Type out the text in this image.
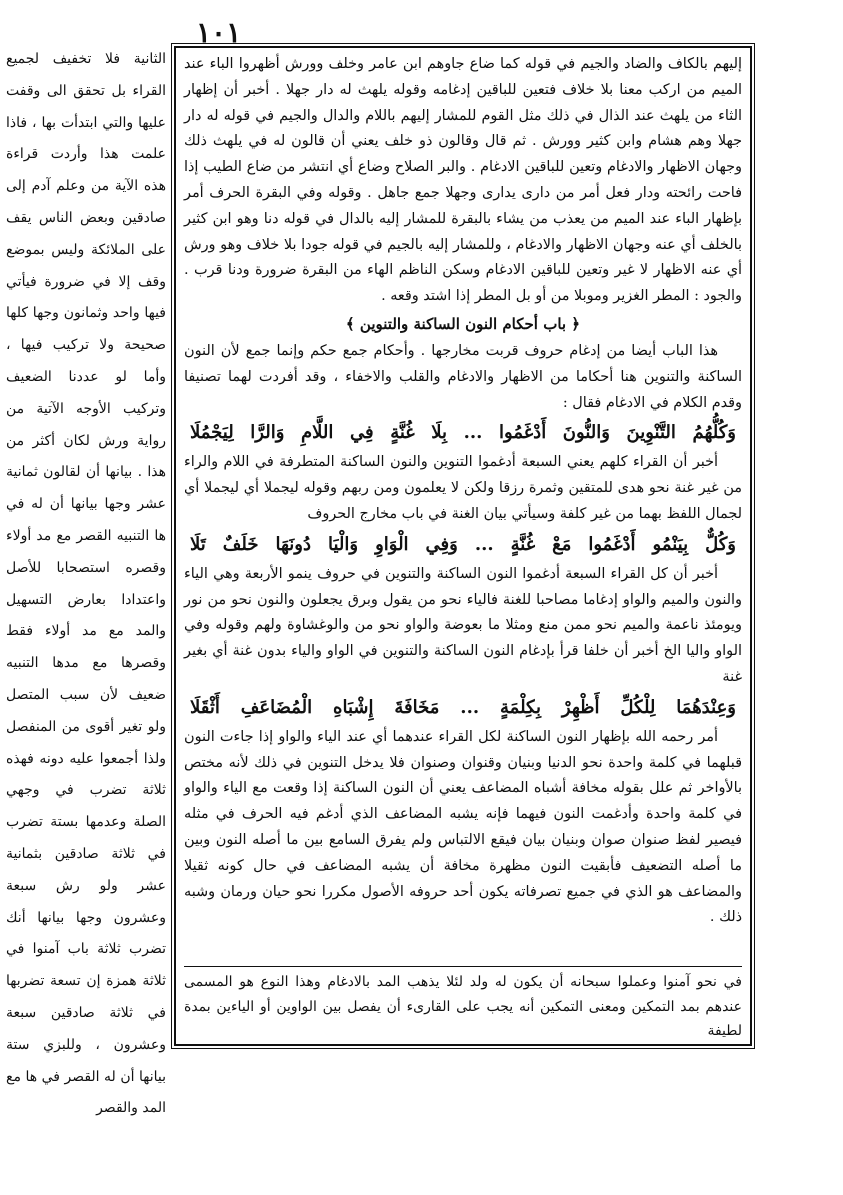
١٠١

الثانية فلا تخفيف لجميع القراء بل تحقق الى وقفت عليها والتي ابتدأت بها ، فاذا علمت هذا وأردت قراءة هذه الآية من وعلم آدم إلى صادقين وبعض الناس يقف على الملائكة وليس بموضع وقف إلا في ضرورة فيأتي فيها واحد وثمانون وجها كلها صحيحة ولا تركيب فيها ، وأما لو عددنا الضعيف وتركيب الأوجه الآتية من رواية ورش لكان أكثر من هذا . بيانها أن لقالون ثمانية عشر وجها بيانها أن له في ها التنبيه القصر مع مد أولاء وقصره استصحابا للأصل واعتدادا بعارض التسهيل والمد مع مد أولاء فقط وقصرها مع مدها التنبيه ضعيف لأن سبب المتصل ولو تغير أقوى من المنفصل ولذا أجمعوا عليه دونه فهذه ثلاثة تضرب في وجهي الصلة وعدمها بستة تضرب في ثلاثة صادقين بثمانية عشر ولو رش سبعة وعشرون وجها بيانها أنك تضرب ثلاثة باب آمنوا في ثلاثة همزة إن تسعة تضربها في ثلاثة صادقين سبعة وعشرون ، وللبزي ستة بيانها أن له القصر في ها مع المد والقصر

إليهم بالكاف والضاد والجيم في قوله كما ضاع جاوهم ابن عامر وخلف وورش أظهروا الباء عند الميم من اركب معنا بلا خلاف فتعين للباقين إدغامه وقوله يلهث له دار جهلا . أخبر أن إظهار الثاء من يلهث عند الذال في ذلك مثل القوم للمشار إليهم باللام والدال والجيم في قوله له دار جهلا وهم هشام وابن كثير وورش . ثم قال وقالون ذو خلف يعني أن قالون له في يلهث ذلك وجهان الاظهار والادغام وتعين للباقين الادغام . والبر الصلاح وضاع أي انتشر من ضاع الطيب إذا فاحت رائحته ودار فعل أمر من دارى يدارى وجهلا جمع جاهل . وقوله وفي البقرة الحرف أمر بإظهار الباء عند الميم من يعذب من يشاء بالبقرة للمشار إليه بالدال في قوله دنا وهو ابن كثير بالخلف أي عنه وجهان الاظهار والادغام ، وللمشار إليه بالجيم في قوله جودا بلا خلاف وهو ورش أي عنه الاظهار لا غير وتعين للباقين الادغام وسكن الناظم الهاء من البقرة ضرورة ودنا قرب . والجود : المطر الغزير وموبلا من أو بل المطر إذا اشتد وقعه .

﴿ باب أحكام النون الساكنة والتنوين ﴾

هذا الباب أيضا من إدغام حروف قربت مخارجها . وأحكام جمع حكم وإنما جمع لأن النون الساكنة والتنوين هنا أحكاما من الاظهار والادغام والقلب والاخفاء ، وقد أفردت لهما تصنيفا وقدم الكلام في الادغام فقال :

وَكُلُّهُمُ التَّنْوِينَ وَالنُّونَ أَدْغَمُوا ... بِلَا غُنَّةٍ فِي اللَّامِ وَالرَّا لِيَجْمُلَا

أخبر أن القراء كلهم يعني السبعة أدغموا التنوين والنون الساكنة المتطرفة في اللام والراء من غير غنة نحو هدى للمتقين وثمرة رزقا ولكن لا يعلمون ومن ربهم وقوله ليجملا أي ليجملا أي لجمال اللفظ بهما من غير كلفة وسيأتي بيان الغنة في باب مخارج الحروف

وَكُلٌّ بِيَنْمُو أَدْغَمُوا مَعْ غُنَّةٍ ... وَفِي الْوَاوِ وَالْيَا دُونَهَا خَلَفٌ تَلَا

أخبر أن كل القراء السبعة أدغموا النون الساكنة والتنوين في حروف ينمو الأربعة وهي الياء والنون والميم والواو إدغاما مصاحبا للغنة فالياء نحو من يقول وبرق يجعلون والنون نحو من نور ويومئذ ناعمة والميم نحو ممن منع ومثلا ما بعوضة والواو نحو من والوغشاوة ولهم وقوله وفي الواو واليا الخ أخبر أن خلفا قرأ بإدغام النون الساكنة والتنوين في الواو والياء بدون غنة أي بغير غنة

وَعِنْدَهُمَا لِلْكُلِّ أَظْهِرْ بِكِلْمَةٍ ... مَخَافَةَ إِشْبَاهِ الْمُضَاعَفِ أَثْقَلَا

أمر رحمه الله بإظهار النون الساكنة لكل القراء عندهما أي عند الياء والواو إذا جاءت النون قبلهما في كلمة واحدة نحو الدنيا وبنيان وقنوان وصنوان فلا يدخل التنوين في ذلك لأنه مختص بالأواخر ثم علل بقوله مخافة أشباه المضاعف يعني أن النون الساكنة إذا وقعت مع الياء والواو في كلمة واحدة وأدغمت النون فيهما فإنه يشبه المضاعف الذي أدغم فيه الحرف في مثله فيصير لفظ صنوان صوان وبنيان بيان فيقع الالتباس ولم يفرق السامع بين ما أصله النون وبين ما أصله التضعيف فأبقيت النون مظهرة مخافة أن يشبه المضاعف في حال كونه ثقيلا والمضاعف هو الذي في جميع تصرفاته يكون أحد حروفه الأصول مكررا نحو حيان ورمان وشبه ذلك .

في نحو آمنوا وعملوا سبحانه أن يكون له ولد لئلا يذهب المد بالادغام وهذا النوع هو المسمى عندهم بمد التمكين ومعنى التمكين أنه يجب على القارىء أن يفصل بين الواوين أو الياءين بمدة لطيفة
